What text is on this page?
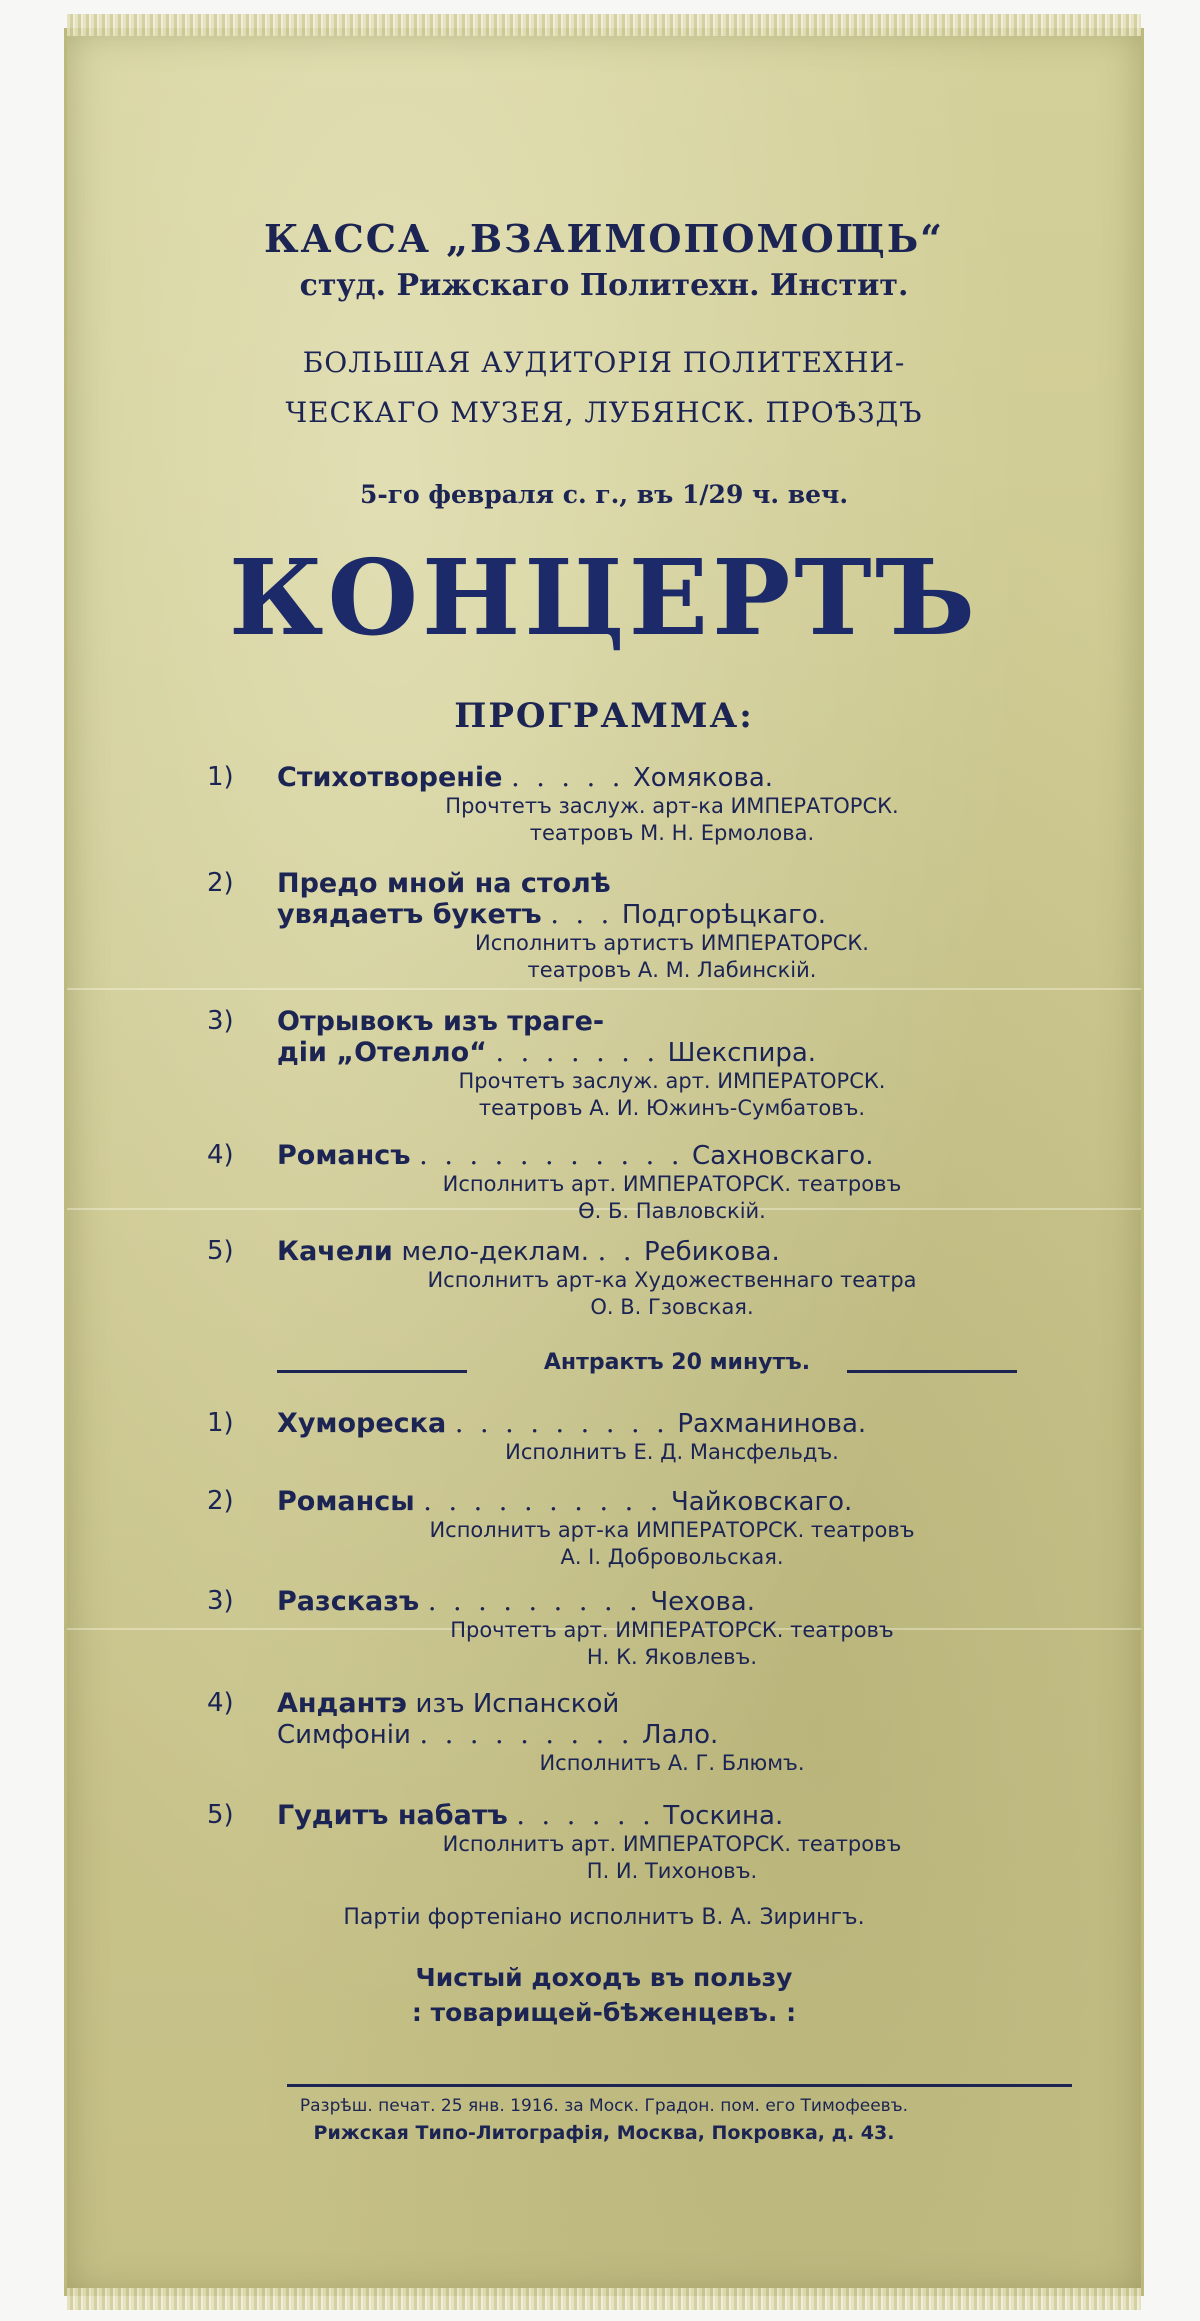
КАССА „ВЗАИМОПОМОЩЬ“
студ. Рижскаго Политехн. Инстит.
БОЛЬШАЯ АУДИТОРІЯ ПОЛИТЕХНИ-
ЧЕСКАГО МУЗЕЯ, ЛУБЯНСК. ПРОѢЗДЪ
5-го февраля с. г., въ 1/29 ч. веч.
КОНЦЕРТЪ
ПРОГРАММА:
1)	Стихотвореніе . . . . . Хомякова.
Прочтетъ заслуж. арт-ка ИМПЕРАТОРСК.
театровъ М. Н. Ермолова.
2)	Предо мной на столѣ
увядаетъ букетъ . . . Подгорѣцкаго.
Исполнитъ артистъ ИМПЕРАТОРСК.
театровъ А. М. Лабинскій.
3)	Отрывокъ изъ траге-
діи „Отелло“ . . . . . . . Шекспира.
Прочтетъ заслуж. арт. ИМПЕРАТОРСК.
театровъ А. И. Южинъ-Сумбатовъ.
4)	Романсъ . . . . . . . . . . . Сахновскаго.
Исполнитъ арт. ИМПЕРАТОРСК. театровъ
Ѳ. Б. Павловскій.
5)	Качели мело-деклам. . . Ребикова.
Исполнитъ арт-ка Художественнаго театра
О. В. Гзовская.
Антрактъ 20 минутъ.
1)	Хумореска . . . . . . . . . Рахманинова.
Исполнитъ Е. Д. Мансфельдъ.
2)	Романсы . . . . . . . . . . Чайковскаго.
Исполнитъ арт-ка ИМПЕРАТОРСК. театровъ
А. І. Добровольская.
3)	Разсказъ . . . . . . . . . Чехова.
Прочтетъ арт. ИМПЕРАТОРСК. театровъ
Н. К. Яковлевъ.
4)	Андантэ изъ Испанской
Симфоніи . . . . . . . . . Лало.
Исполнитъ А. Г. Блюмъ.
5)	Гудитъ набатъ . . . . . . Тоскина.
Исполнитъ арт. ИМПЕРАТОРСК. театровъ
П. И. Тихоновъ.
Партіи фортепіано исполнитъ В. А. Зирингъ.
Чистый доходъ въ пользу
: товарищей-бѣженцевъ. :
Разрѣш. печат. 25 янв. 1916. за Моск. Градон. пом. его Тимофеевъ.
Рижская Типо-Литографія, Москва, Покровка, д. 43.
